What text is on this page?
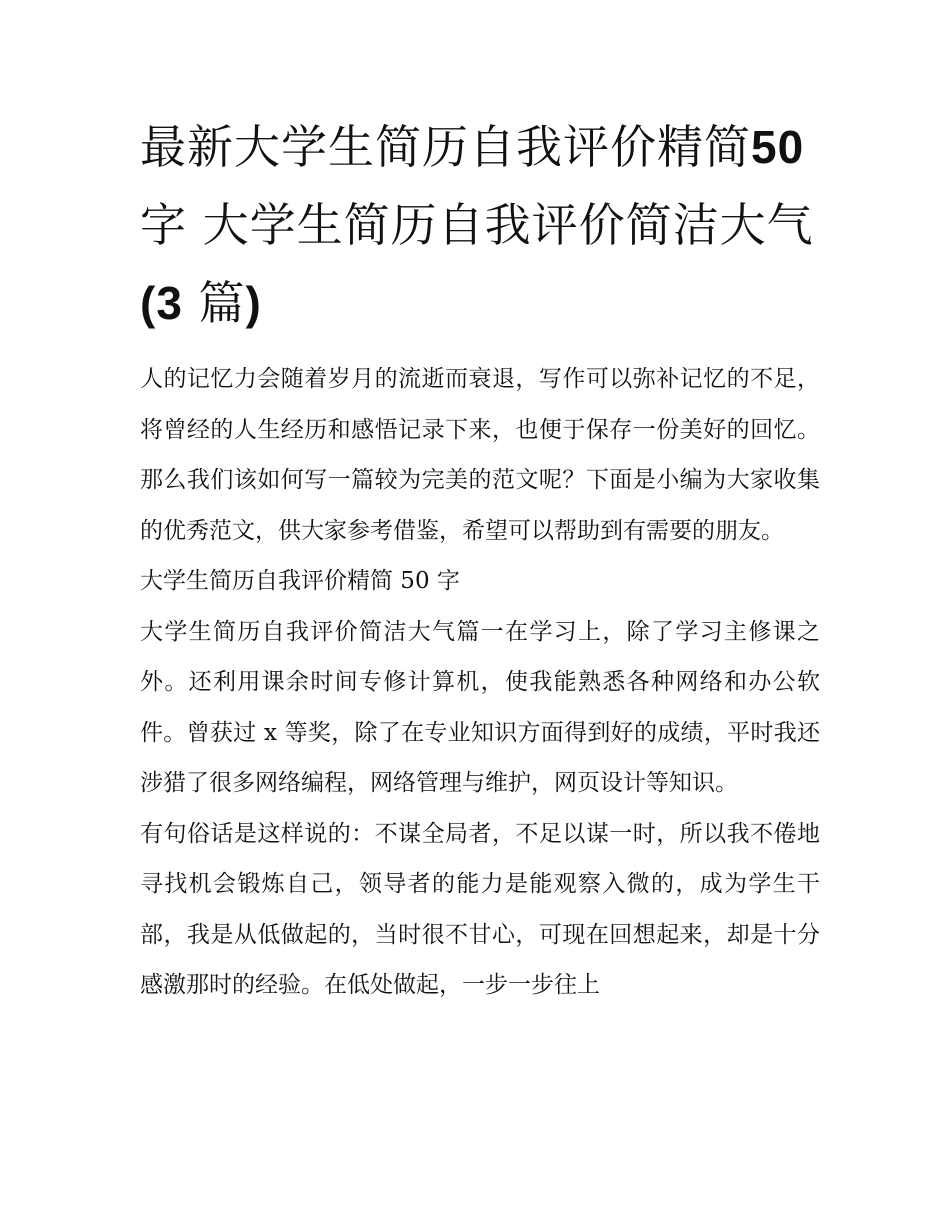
最新大学生简历自我评价精简50 字 大学生简历自我评价简洁大气(3 篇)

人的记忆力会随着岁月的流逝而衰退，写作可以弥补记忆的不足，将曾经的人生经历和感悟记录下来，也便于保存一份美好的回忆。那么我们该如何写一篇较为完美的范文呢？下面是小编为大家收集的优秀范文，供大家参考借鉴，希望可以帮助到有需要的朋友。

大学生简历自我评价精简 50 字

大学生简历自我评价简洁大气篇一在学习上，除了学习主修课之外。还利用课余时间专修计算机，使我能熟悉各种网络和办公软件。曾获过 x 等奖，除了在专业知识方面得到好的成绩，平时我还涉猎了很多网络编程，网络管理与维护，网页设计等知识。

有句俗话是这样说的：不谋全局者，不足以谋一时，所以我不倦地寻找机会锻炼自己，领导者的能力是能观察入微的，成为学生干部，我是从低做起的，当时很不甘心，可现在回想起来，却是十分感激那时的经验。在低处做起，一步一步往上
